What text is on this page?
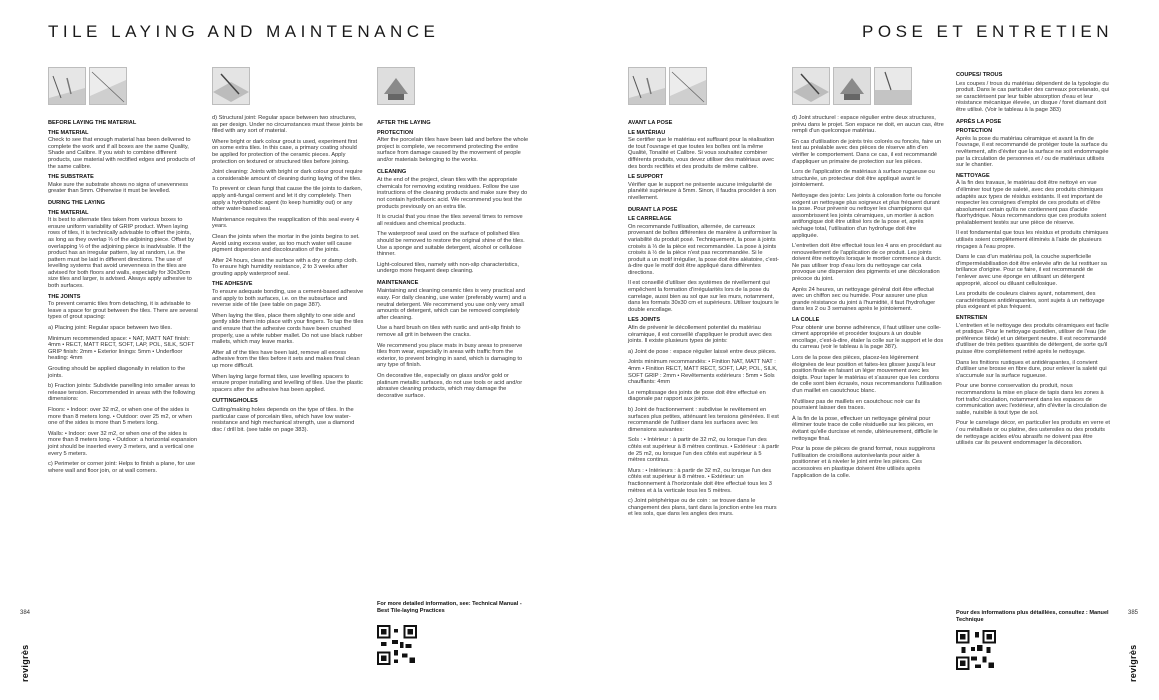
TILE LAYING AND MAINTENANCE
BEFORE LAYING THE MATERIAL
THE MATERIAL

Check to see that enough material has been delivered to complete the work and if all boxes are the same Quality, Shade and Calibre. If you wish to combine different products, use material with rectified edges and products of the same calibre.

THE SUBSTRATE

Make sure the substrate shows no signs of unevenness greater than 5mm. Otherwise it must be levelled.

DURING THE LAYING
THE MATERIAL

It is best to alternate tiles taken from various boxes to ensure uniform variability of GRIP product. When laying rows of tiles, it is technically advisable to offset the joints, as long as they overlap ⅓ of the adjoining piece. Offset by overlapping ½ of the adjoining piece is inadvisable. If the product has an irregular pattern, lay at random, i.e. the pattern must be laid in different directions. The use of levelling systems that avoid unevenness in the tiles are advised for both floors and walls, especially for 30x30cm size tiles and larger, is advised. Always apply adhesive to both surfaces.

THE JOINTS

To prevent ceramic tiles from detaching, it is advisable to leave a space for grout between the tiles. There are several types of grout spacing:

a) Placing joint: Regular space between two tiles.

Minimum recommended space: • NAT, MATT NAT finish: 4mm • RECT, MATT RECT, SOFT, LAP, POL, SILK, SOFT GRIP finish: 2mm • Exterior linings: 5mm • Underfloor heating: 4mm

Grouting should be applied diagonally in relation to the joints.

b) Fraction joints: Subdivide panelling into smaller areas to release tension. Recommended in areas with the following dimensions:

Floors: • Indoor: over 32 m2, or when one of the sides is more than 8 meters long. • Outdoor: over 25 m2, or when one of the sides is more than 5 meters long.

Walls: • Indoor: over 32 m2, or when one of the sides is more than 8 meters long. • Outdoor: a horizontal expansion joint should be inserted every 3 meters, and a vertical one every 5 meters.

c) Perimeter or corner joint: Helps to finish a plane, for use where wall and floor join, or at wall corners.

d) Structural joint: Regular space between two structures, as per design. Under no circumstances must these joints be filled with any sort of material.

Where bright or dark colour grout is used, experiment first on some extra tiles. In this case, a primary coating should be applied for protection of the ceramic pieces. Apply protection on textured or structured tiles before joining.

Joint cleaning: Joints with bright or dark colour grout require a considerable amount of cleaning during laying of the tiles.

To prevent or clean fungi that cause the tile joints to darken, apply anti-fungal cement and let it dry completely. Then apply a hydrophobic agent (to keep humidity out) or any other water-based seal.

Maintenance requires the reapplication of this seal every 4 years.

Clean the joints when the mortar in the joints begins to set. Avoid using excess water, as too much water will cause pigment dispersion and discolouration of the joints.

After 24 hours, clean the surface with a dry or damp cloth. To ensure high humidity resistance, 2 to 3 weeks after grouting apply waterproof seal.

THE ADHESIVE

To ensure adequate bonding, use a cement-based adhesive and apply to both surfaces, i.e. on the subsurface and reverse side of tile (see table on page 387).

When laying the tiles, place them slightly to one side and gently slide them into place with your fingers. To tap the tiles and ensure that the adhesive cords have been crushed properly, use a white rubber mallet. Do not use black rubber mallets, which may leave marks.

After all of the tiles have been laid, remove all excess adhesive from the tiles before it sets and makes final clean up more difficult.

When laying large format tiles, use levelling spacers to ensure proper installing and levelling of tiles. Use the plastic spacers after the adhesive has been applied.

CUTTING/HOLES

Cutting/making holes depends on the type of tiles. In the particular case of porcelain tiles, which have low water-resistance and high mechanical strength, use a diamond disc / drill bit. (see table on page 383).

AFTER THE LAYING
PROTECTION

After the porcelain tiles have been laid and before the whole project is complete, we recommend protecting the entire surface from damage caused by the movement of people and/or materials belonging to the works.

CLEANING

At the end of the project, clean tiles with the appropriate chemicals for removing existing residues. Follow the use instructions of the cleaning products and make sure they do not contain hydrofluoric acid. We recommend you test the products previously on an extra tile.

It is crucial that you rinse the tiles several times to remove all residues and chemical products.

The waterproof seal used on the surface of polished tiles should be removed to restore the original shine of the tiles. Use a sponge and suitable detergent, alcohol or cellulose thinner.

Light-coloured tiles, namely with non-slip characteristics, undergo more frequent deep cleaning.

MAINTENANCE

Maintaining and cleaning ceramic tiles is very practical and easy. For daily cleaning, use water (preferably warm) and a neutral detergent. We recommend you use only very small amounts of detergent, which can be removed completely after cleaning.

Use a hard brush on tiles with rustic and anti-slip finish to remove all grit in between the cracks.

We recommend you place mats in busy areas to preserve tiles from wear, especially in areas with traffic from the exterior, to prevent bringing in sand, which is damaging to any type of finish.

On decorative tile, especially on glass and/or gold or platinum metallic surfaces, do not use tools or acid and/or abrasive cleaning products, which may damage the decorative surface.

For more detailed information, see: Technical Manual - Best Tile-laying Practices
384
revigrès
POSE ET ENTRETIEN
AVANT LA POSE
LE MATÉRIAU

Se certifier que le matériau est suffisant pour la réalisation de tout l'ouvrage et que toutes les boîtes ont la même Qualité, Tonalité et Calibre. Si vous souhaitez combiner différents produits, vous devez utiliser des matériaux avec des bords rectifiés et des produits de même calibre.

LE SUPPORT

Vérifier que le support ne présente aucune irrégularité de planéité supérieure à 5mm. Sinon, il faudra procéder à son nivellement.

DURANT LA POSE
LE CARRELAGE

On recommande l'utilisation, alternée, de carreaux provenant de boîtes différentes de manière à uniformiser la variabilité du produit posé. Techniquement, la pose à joints croisés à ⅓ de la pièce est recommandée. La pose à joints croisés à ½ de la pièce n'est pas recommandée. Si le produit a un motif irrégulier, la pose doit être aléatoire, c'est-à-dire que le motif doit être appliqué dans différentes directions.

Il est conseillé d'utiliser des systèmes de nivellement qui empêchent la formation d'irrégularités lors de la pose du carrelage, aussi bien au sol que sur les murs, notamment, dans les formats 30x30 cm et supérieurs. Utiliser toujours le double encollage.

LES JOINTS

Afin de prévenir le décollement potentiel du matériau céramique, il est conseillé d'appliquer le produit avec des joints. Il existe plusieurs types de joints:

a) Joint de pose : espace régulier laissé entre deux pièces.

Joints minimum recommandés: • Finition NAT, MATT NAT : 4mm • Finition RECT, MATT RECT, SOFT, LAP, POL, SILK, SOFT GRIP : 2mm • Revêtements extérieurs : 5mm • Sols chauffants: 4mm

Le remplissage des joints de pose doit être effectué en diagonale par rapport aux joints.

b) Joint de fractionnement : subdivise le revêtement en surfaces plus petites, atténuant les tensions générées. Il est recommandé de l'utiliser dans les surfaces avec les dimensions suivantes:

Sols : • Intérieur : à partir de 32 m2, ou lorsque l'un des côtés est supérieur à 8 mètres continus. • Extérieur : à partir de 25 m2, ou lorsque l'un des côtés est supérieur à 5 mètres continus.

Murs : • Intérieurs : à partir de 32 m2, ou lorsque l'un des côtés est supérieur à 8 mètres. • Extérieur: un fractionnement à l'horizontale doit être effectué tous les 3 mètres et à la verticale tous les 5 mètres.

c) Joint périphérique ou de coin : se trouve dans le changement des plans, tant dans la jonction entre les murs et les sols, que dans les angles des murs.

d) Joint structurel : espace régulier entre deux structures, prévu dans le projet. Son espace ne doit, en aucun cas, être rempli d'un quelconque matériau.

En cas d'utilisation de joints très colorés ou foncés, faire un test au préalable avec des pièces de réserve afin d'en vérifier le comportement. Dans ce cas, il est recommandé d'appliquer un primaire de protection sur les pièces.

Lors de l'application de matériaux à surface rugueuse ou structurée, un protecteur doit être appliqué avant le jointoiement.

Nettoyage des joints: Les joints à coloration forte ou foncée exigent un nettoyage plus soigneux et plus fréquent durant la pose. Pour prévenir ou nettoyer les champignons qui assombrissent les joints céramiques, un mortier à action antifongique doit être utilisé lors de la pose et, après séchage total, l'utilisation d'un hydrofuge doit être appliquée.

L'entretien doit être effectué tous les 4 ans en procédant au renouvellement de l'application de ce produit. Les joints doivent être nettoyés lorsque le mortier commence à durcir. Ne pas utiliser trop d'eau lors du nettoyage car cela provoque une dispersion des pigments et une décoloration précoce du joint.

Après 24 heures, un nettoyage général doit être effectué avec un chiffon sec ou humide. Pour assurer une plus grande résistance du joint à l'humidité, il faut l'hydrofuger dans les 2 ou 3 semaines après le jointoiement.

LA COLLE

Pour obtenir une bonne adhérence, il faut utiliser une colle-ciment appropriée et procéder toujours à un double encollage, c'est-à-dire, étaler la colle sur le support et le dos du carreau (voir le tableau à la page 387).

Lors de la pose des pièces, placez-les légèrement éloignées de leur position et faites-les glisser jusqu'à leur position finale en faisant un léger mouvement avec les doigts. Pour taper le matériau et s'assurer que les cordons de colle sont bien écrasés, nous recommandons l'utilisation d'un maillet en caoutchouc blanc.

N'utilisez pas de maillets en caoutchouc noir car ils pourraient laisser des traces.

À la fin de la pose, effectuer un nettoyage général pour éliminer toute trace de colle résiduelle sur les pièces, en évitant qu'elle durcisse et rende, ultérieurement, difficile le nettoyage final.

Pour la pose de pièces de grand format, nous suggérons l'utilisation de croisillons autonivelants pour aider à positionner et à niveler le joint entre les pièces. Ces accessoires en plastique doivent être utilisés après l'application de la colle.

COUPES/ TROUS

Les coupes / trous du matériau dépendent de la typologie du produit. Dans le cas particulier des carreaux porcelanato, qui se caractérisent par leur faible absorption d'eau et leur résistance mécanique élevée, un disque / foret diamant doit être utilisé. (Voir le tableau à la page 383)

APRÈS LA POSE
PROTECTION

Après la pose du matériau céramique et avant la fin de l'ouvrage, il est recommandé de protéger toute la surface du revêtement, afin d'éviter que la surface ne soit endommagée par la circulation de personnes et / ou de matériaux utilisés sur le chantier.

NETTOYAGE

À la fin des travaux, le matériau doit être nettoyé en vue d'éliminer tout type de saleté, avec des produits chimiques adaptés aux types de résidus existants. Il est important de respecter les consignes d'emploi de ces produits et d'être absolument certain qu'ils ne contiennent pas d'acide fluorhydrique. Nous recommandons que ces produits soient préalablement testés sur une pièce de réserve.

Il est fondamental que tous les résidus et produits chimiques utilisés soient complètement éliminés à l'aide de plusieurs rinçages à l'eau propre.

Dans le cas d'un matériau poli, la couche superficielle d'imperméabilisation doit être enlevée afin de lui restituer sa brillance d'origine. Pour ce faire, il est recommandé de l'enlever avec une éponge en utilisant un détergent approprié, alcool ou diluant cellulosique.

Les produits de couleurs claires ayant, notamment, des caractéristiques antidérapantes, sont sujets à un nettoyage plus exigeant et plus fréquent.

ENTRETIEN

L'entretien et le nettoyage des produits céramiques est facile et pratique. Pour le nettoyage quotidien, utiliser de l'eau (de préférence tiède) et un détergent neutre. Il est recommandé d'utiliser de très petites quantités de détergent, de sorte qu'il puisse être complètement retiré après le nettoyage.

Dans les finitions rustiques et antidérapantes, il convient d'utiliser une brosse en fibre dure, pour enlever la saleté qui s'accumule sur la surface rugueuse.

Pour une bonne conservation du produit, nous recommandons la mise en place de tapis dans les zones à fort trafic/ circulation, notamment dans les espaces de communication avec l'extérieur, afin d'éviter la circulation de sable, nuisible à tout type de sol.

Pour le carrelage décor, en particulier les produits en verre et / ou métallisés or ou platine, des ustensiles ou des produits de nettoyage acides et/ou abrasifs ne doivent pas être utilisés car ils peuvent endommager la décoration.

Pour des informations plus détaillées, consultez : Manuel Technique
385
revigrès
